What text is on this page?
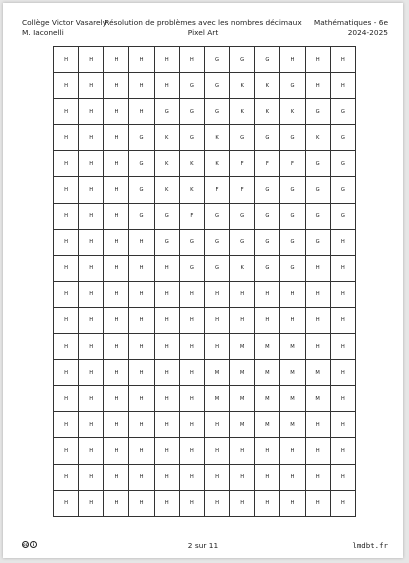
Collège Victor Vasarely
M. Iaconelli
Résolution de problèmes avec les nombres décimaux
Pixel Art
Mathématiques - 6e
2024-2025
H	H	H	H	H	H	G	G	G	H	H	H
H	H	H	H	H	G	G	K	K	G	H	H
H	H	H	H	G	G	G	K	K	K	G	G
H	H	H	G	K	G	K	G	G	G	K	G
H	H	H	G	K	K	K	F	F	F	G	G
H	H	H	G	K	K	F	F	G	G	G	G
H	H	H	G	G	F	G	G	G	G	G	G
H	H	H	H	G	G	G	G	G	G	G	H
H	H	H	H	H	G	G	K	G	G	H	H
H	H	H	H	H	H	H	H	H	H	H	H
H	H	H	H	H	H	H	H	H	H	H	H
H	H	H	H	H	H	H	M	M	M	H	H
H	H	H	H	H	H	M	M	M	M	M	H
H	H	H	H	H	H	M	M	M	M	M	H
H	H	H	H	H	H	H	M	M	M	H	H
H	H	H	H	H	H	H	H	H	H	H	H
H	H	H	H	H	H	H	H	H	H	H	H
H	H	H	H	H	H	H	H	H	H	H	H
cc	i	2 sur 11	lmdbt.fr
